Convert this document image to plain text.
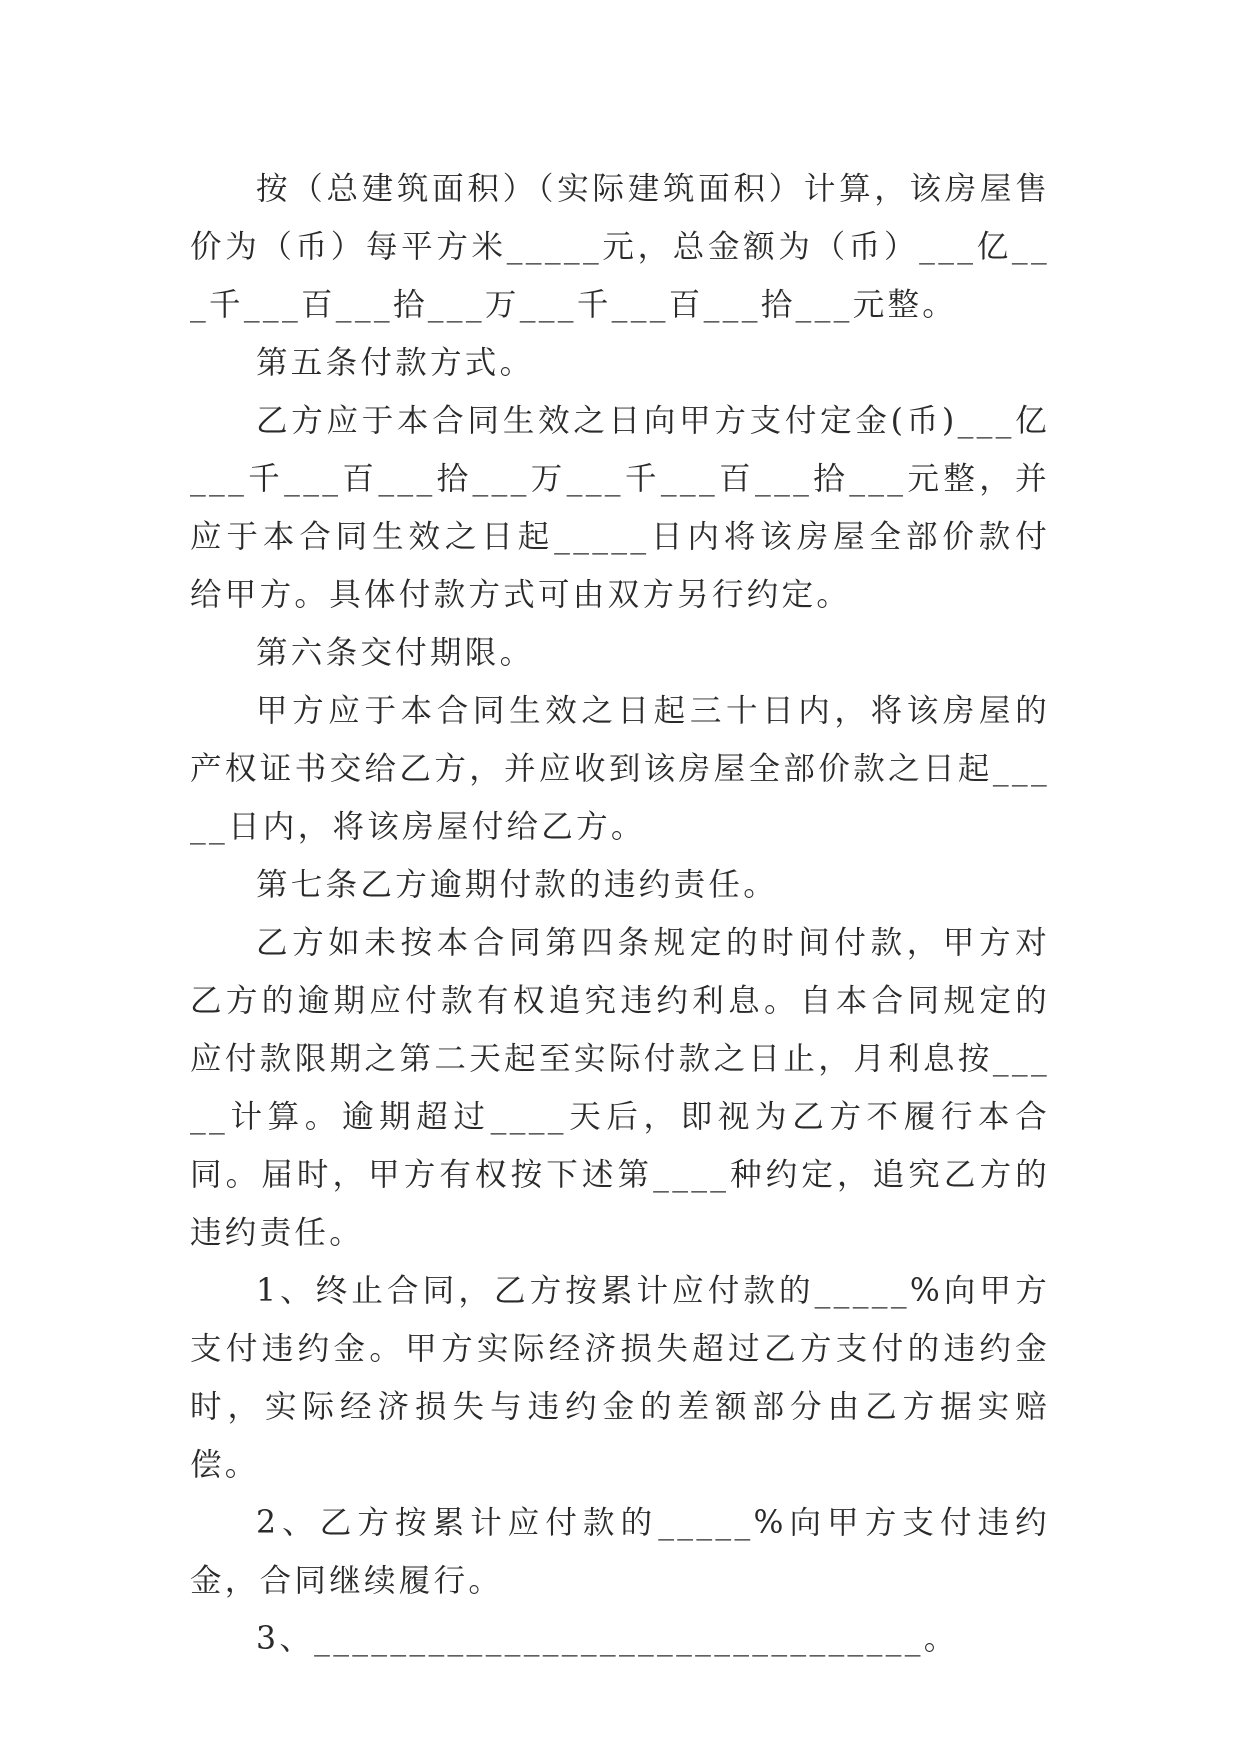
按（总建筑面积）（实际建筑面积）计算，该房屋售价为（币）每平方米_____元，总金额为（币）___亿___千___百___拾___万___千___百___拾___元整。

第五条付款方式。

乙方应于本合同生效之日向甲方支付定金(币)___亿___千___百___拾___万___千___百___拾___元整，并应于本合同生效之日起_____日内将该房屋全部价款付给甲方。具体付款方式可由双方另行约定。

第六条交付期限。

甲方应于本合同生效之日起三十日内，将该房屋的产权证书交给乙方，并应收到该房屋全部价款之日起_____日内，将该房屋付给乙方。

第七条乙方逾期付款的违约责任。

乙方如未按本合同第四条规定的时间付款，甲方对乙方的逾期应付款有权追究违约利息。自本合同规定的应付款限期之第二天起至实际付款之日止，月利息按_____计算。逾期超过____天后，即视为乙方不履行本合同。届时，甲方有权按下述第____种约定，追究乙方的违约责任。

1、终止合同，乙方按累计应付款的_____%向甲方支付违约金。甲方实际经济损失超过乙方支付的违约金时，实际经济损失与违约金的差额部分由乙方据实赔偿。

2、乙方按累计应付款的_____%向甲方支付违约金，合同继续履行。

3、________________________________。
